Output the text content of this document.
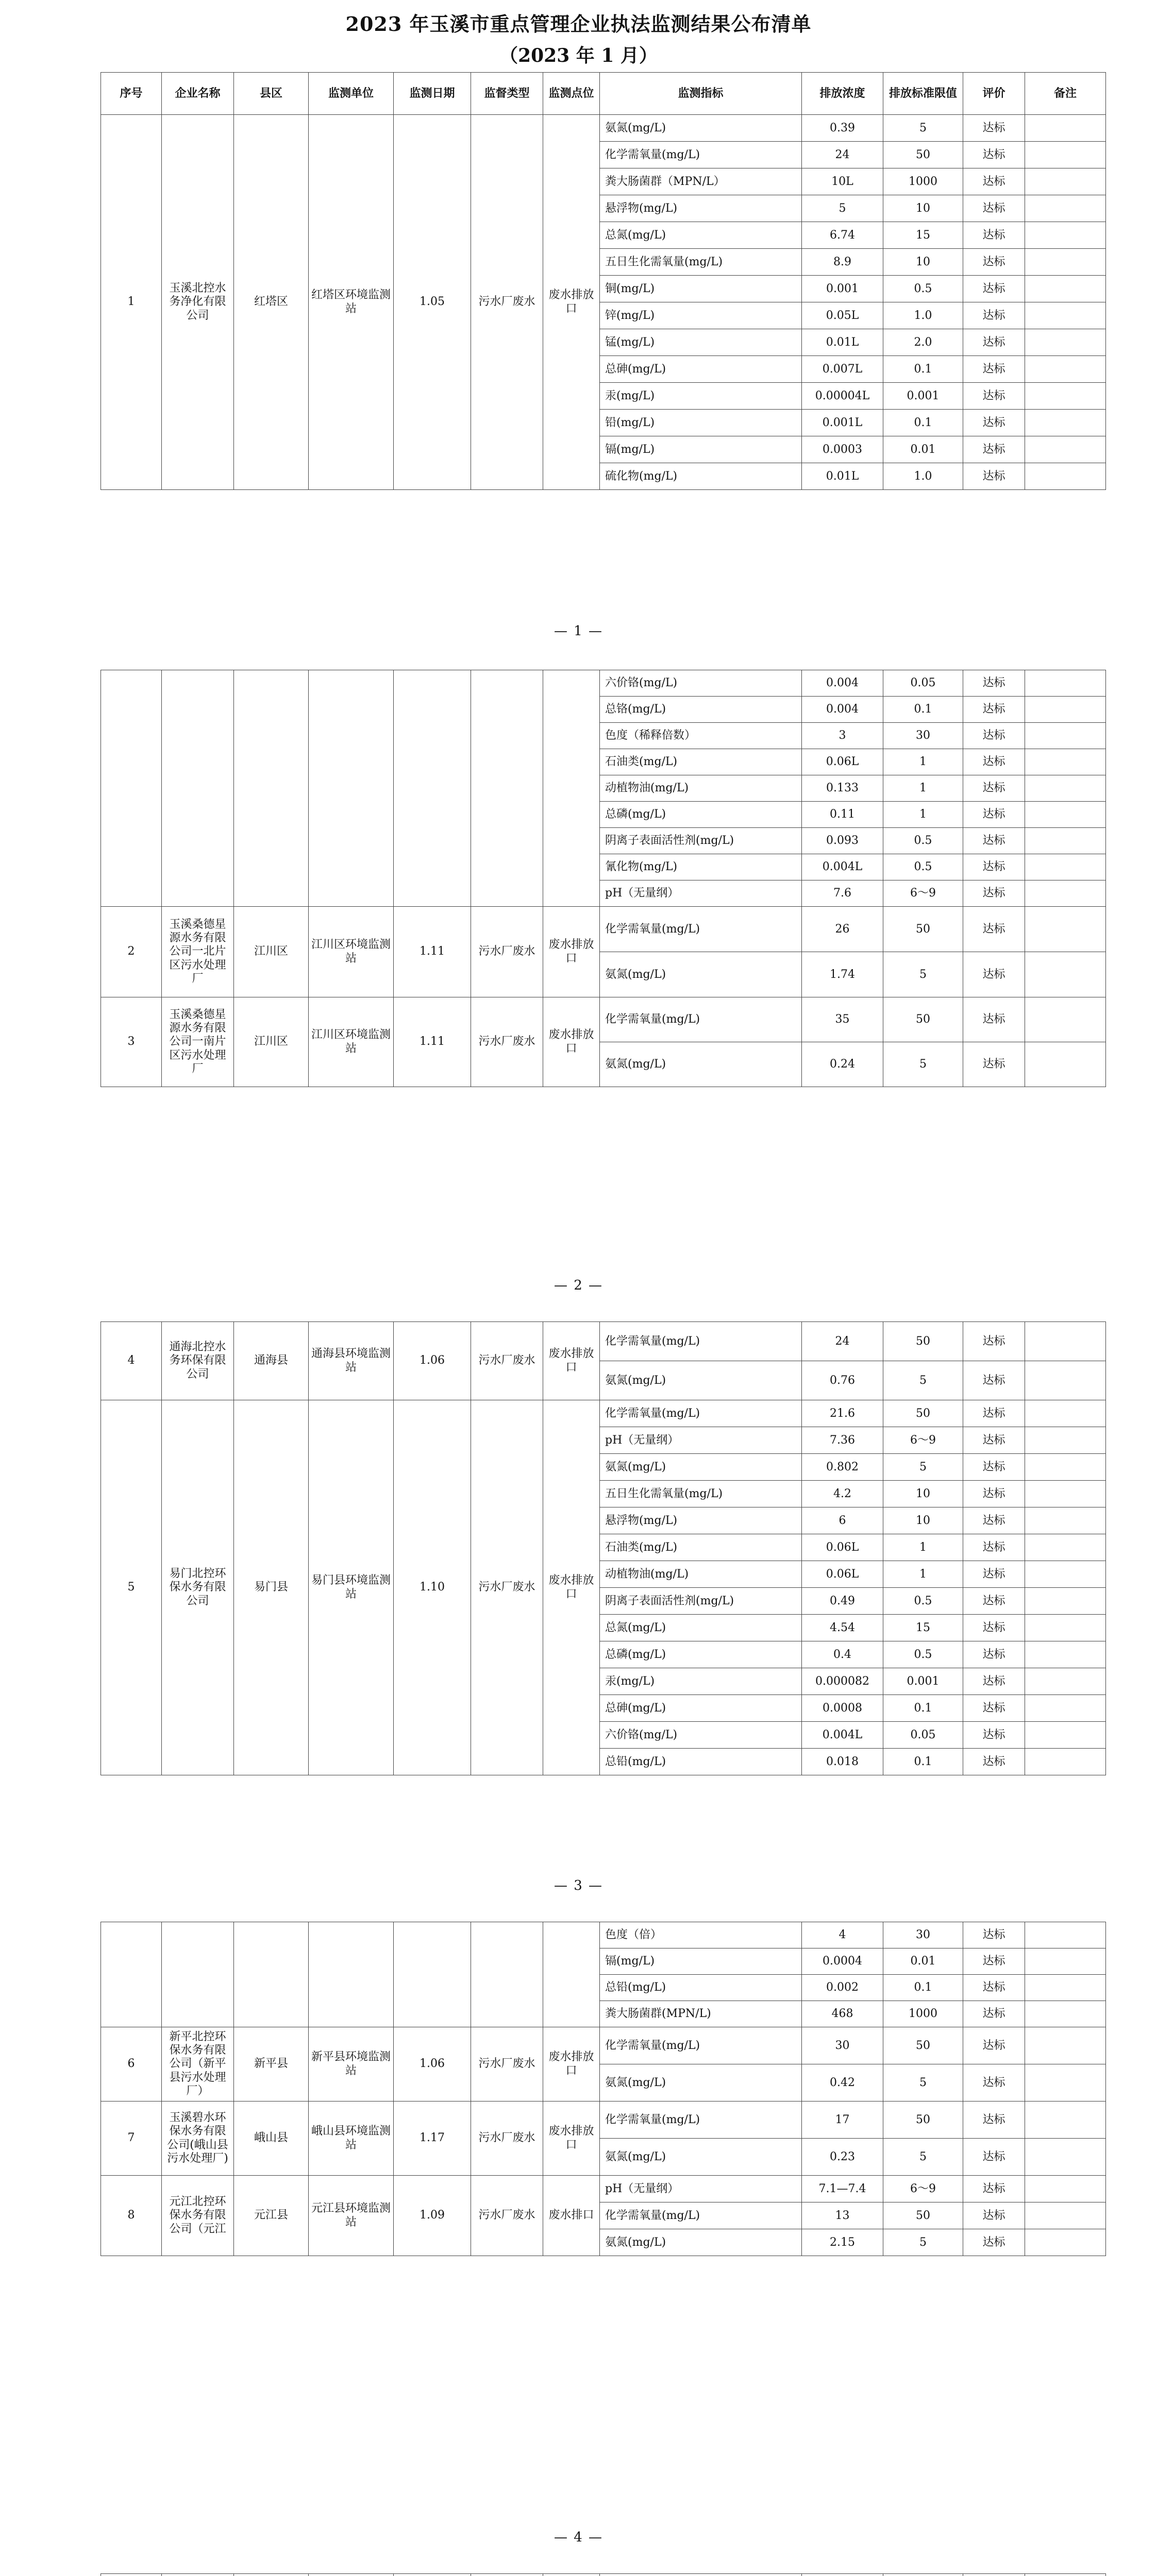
2023 年玉溪市重点管理企业执法监测结果公布清单
（2023 年 1 月）
序号	企业名称	县区	监测单位	监测日期	监督类型	监测点位	监测指标	排放浓度	排放标准限值	评价	备注
1	玉溪北控水务净化有限公司	红塔区	红塔区环境监测站	1.05	污水厂废水	废水排放口	氨氮(mg/L)	0.39	5	达标	
							化学需氧量(mg/L)	24	50	达标	
							粪大肠菌群（MPN/L）	10L	1000	达标	
							悬浮物(mg/L)	5	10	达标	
							总氮(mg/L)	6.74	15	达标	
							五日生化需氧量(mg/L)	8.9	10	达标	
							铜(mg/L)	0.001	0.5	达标	
							锌(mg/L)	0.05L	1.0	达标	
							锰(mg/L)	0.01L	2.0	达标	
							总砷(mg/L)	0.007L	0.1	达标	
							汞(mg/L)	0.00004L	0.001	达标	
							铅(mg/L)	0.001L	0.1	达标	
							镉(mg/L)	0.0003	0.01	达标	
							硫化物(mg/L)	0.01L	1.0	达标	
							六价铬(mg/L)	0.004	0.05	达标	
							总铬(mg/L)	0.004	0.1	达标	
							色度（稀释倍数）	3	30	达标	
							石油类(mg/L)	0.06L	1	达标	
							动植物油(mg/L)	0.133	1	达标	
							总磷(mg/L)	0.11	1	达标	
							阴离子表面活性剂(mg/L)	0.093	0.5	达标	
							氰化物(mg/L)	0.004L	0.5	达标	
							pH（无量纲）	7.6	6～9	达标	
2	玉溪桑德星源水务有限公司一北片区污水处理厂	江川区	江川区环境监测站	1.11	污水厂废水	废水排放口	化学需氧量(mg/L)	26	50	达标	
							氨氮(mg/L)	1.74	5	达标	
3	玉溪桑德星源水务有限公司一南片区污水处理厂	江川区	江川区环境监测站	1.11	污水厂废水	废水排放口	化学需氧量(mg/L)	35	50	达标	
							氨氮(mg/L)	0.24	5	达标	
4	通海北控水务环保有限公司	通海县	通海县环境监测站	1.06	污水厂废水	废水排放口	化学需氧量(mg/L)	24	50	达标	
							氨氮(mg/L)	0.76	5	达标	
5	易门北控环保水务有限公司	易门县	易门县环境监测站	1.10	污水厂废水	废水排放口	化学需氧量(mg/L)	21.6	50	达标	
							pH（无量纲）	7.36	6～9	达标	
							氨氮(mg/L)	0.802	5	达标	
							五日生化需氧量(mg/L)	4.2	10	达标	
							悬浮物(mg/L)	6	10	达标	
							石油类(mg/L)	0.06L	1	达标	
							动植物油(mg/L)	0.06L	1	达标	
							阴离子表面活性剂(mg/L)	0.49	0.5	达标	
							总氮(mg/L)	4.54	15	达标	
							总磷(mg/L)	0.4	0.5	达标	
							汞(mg/L)	0.000082	0.001	达标	
							总砷(mg/L)	0.0008	0.1	达标	
							六价铬(mg/L)	0.004L	0.05	达标	
							总铅(mg/L)	0.018	0.1	达标	
							色度（倍）	4	30	达标	
							镉(mg/L)	0.0004	0.01	达标	
							总铅(mg/L)	0.002	0.1	达标	
							粪大肠菌群(MPN/L)	468	1000	达标	
6	新平北控环保水务有限公司（新平县污水处理厂）	新平县	新平县环境监测站	1.06	污水厂废水	废水排放口	化学需氧量(mg/L)	30	50	达标	
							氨氮(mg/L)	0.42	5	达标	
7	玉溪碧水环保水务有限公司(峨山县污水处理厂)	峨山县	峨山县环境监测站	1.17	污水厂废水	废水排放口	化学需氧量(mg/L)	17	50	达标	
							氨氮(mg/L)	0.23	5	达标	
8	元江北控环保水务有限公司（元江	元江县	元江县环境监测站	1.09	污水厂废水	废水排口	pH（无量纲）	7.1—7.4	6～9	达标	
							化学需氧量(mg/L)	13	50	达标	
							氨氮(mg/L)	2.15	5	达标	

— 1 —
— 2 —
— 3 —
— 4 —
